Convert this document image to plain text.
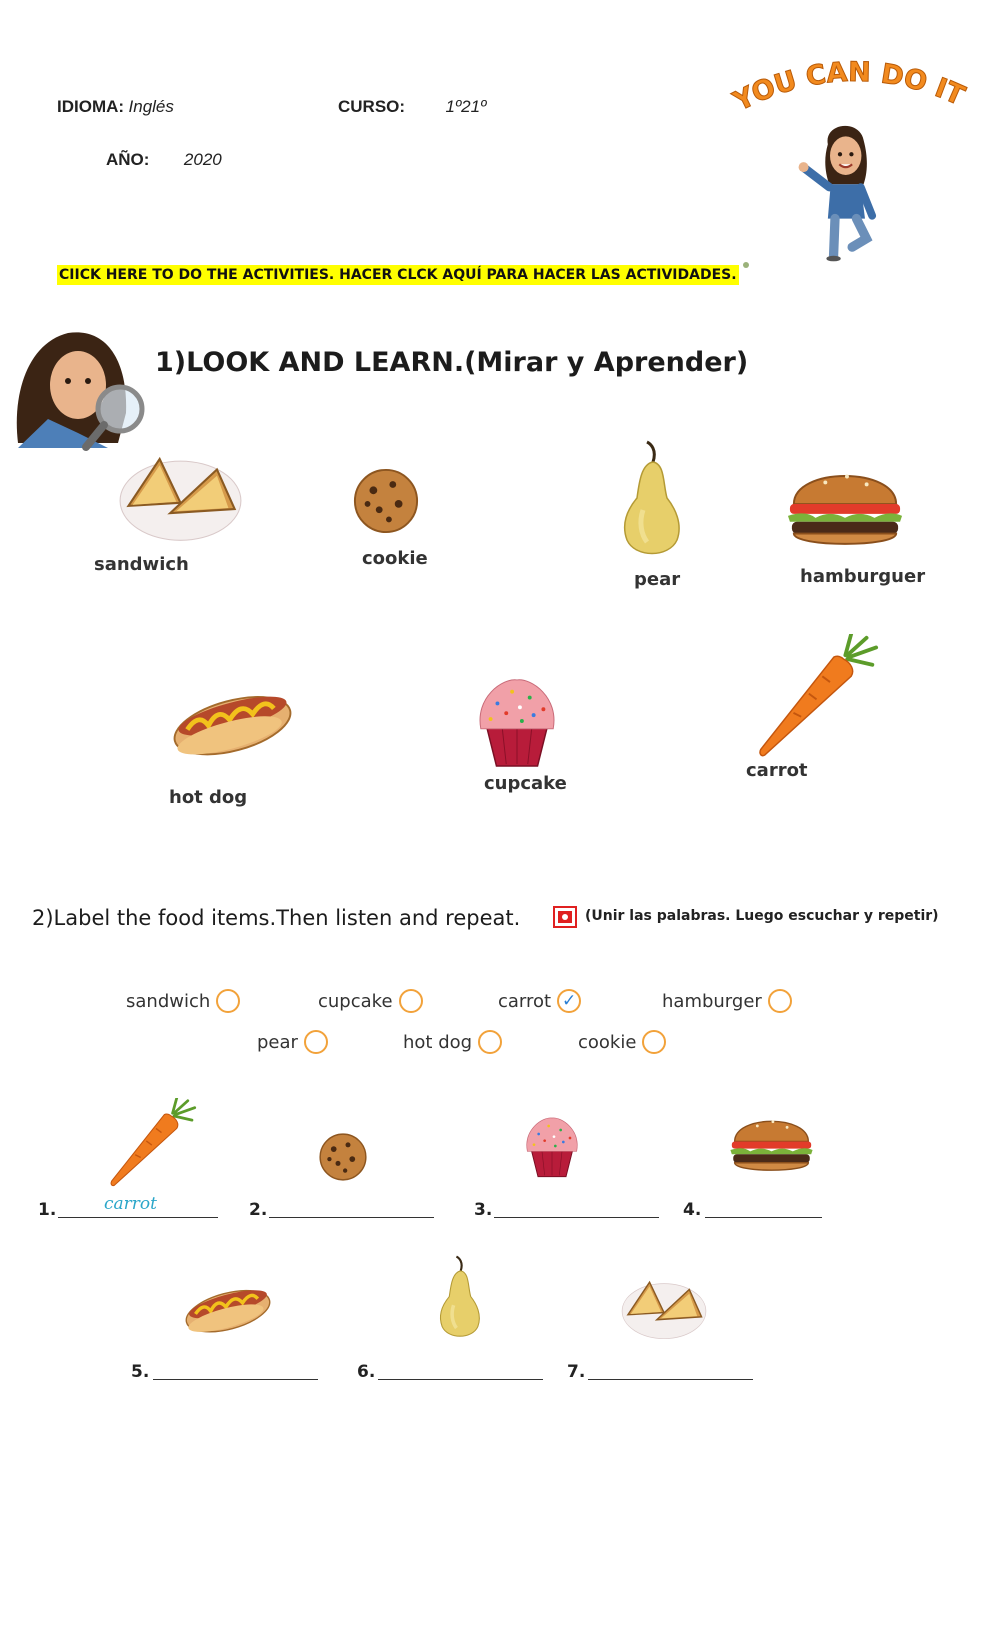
IDIOMA: Inglés	CURSO: 1º21º
AÑO: 2020
YOU CAN DO IT!
CIICK HERE TO DO THE ACTIVITIES. HACER CLCK AQUÍ PARA HACER LAS ACTIVIDADES.
1)LOOK AND LEARN.(Mirar y Aprender)
sandwich	cookie
pear	hamburguer
hot dog
cupcake
carrot
2)Label the food items.Then listen and repeat.	(Unir las palabras. Luego escuchar y repetir)
sandwich	cupcake	carrot ✓	hamburger
pear	hot dog	cookie
1.	carrot	2.	3.	4.
5.	6.	7.
